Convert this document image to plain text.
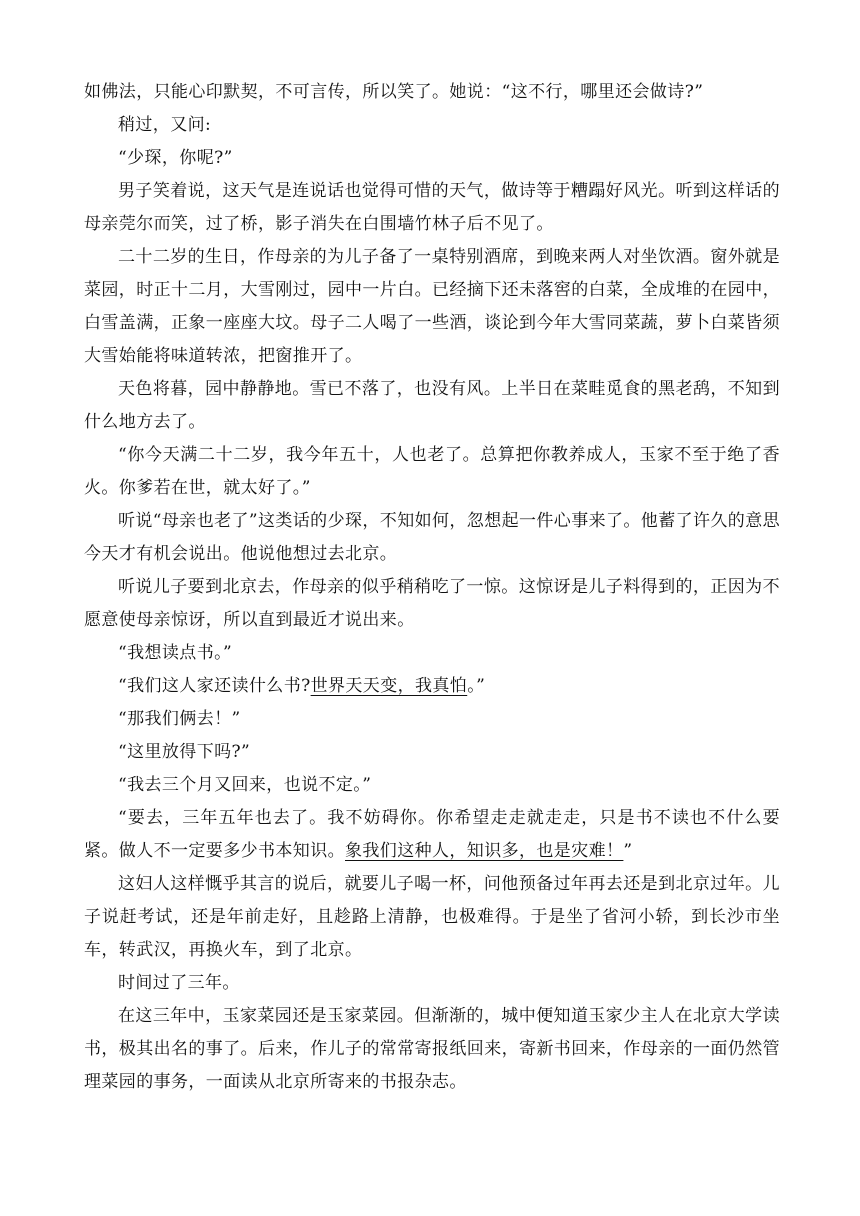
如佛法，只能心印默契，不可言传，所以笑了。她说：“这不行，哪里还会做诗?”

稍过，又问:

“少琛，你呢?”

男子笑着说，这天气是连说话也觉得可惜的天气，做诗等于糟蹋好风光。听到这样话的母亲莞尔而笑，过了桥，影子消失在白围墙竹林子后不见了。

二十二岁的生日，作母亲的为儿子备了一桌特别酒席，到晚来两人对坐饮酒。窗外就是菜园，时正十二月，大雪刚过，园中一片白。已经摘下还未落窖的白菜，全成堆的在园中，白雪盖满，正象一座座大坟。母子二人喝了一些酒，谈论到今年大雪同菜蔬，萝卜白菜皆须大雪始能将味道转浓，把窗推开了。

天色将暮，园中静静地。雪已不落了，也没有风。上半日在菜畦觅食的黑老鸹，不知到什么地方去了。

“你今天满二十二岁，我今年五十，人也老了。总算把你教养成人，玉家不至于绝了香火。你爹若在世，就太好了。”

听说“母亲也老了”这类话的少琛，不知如何，忽想起一件心事来了。他蓄了许久的意思今天才有机会说出。他说他想过去北京。

听说儿子要到北京去，作母亲的似乎稍稍吃了一惊。这惊讶是儿子料得到的，正因为不愿意使母亲惊讶，所以直到最近才说出来。

“我想读点书。”

“我们这人家还读什么书?世界天天变，我真怕。”

“那我们俩去！”

“这里放得下吗?”

“我去三个月又回来，也说不定。”

“要去，三年五年也去了。我不妨碍你。你希望走走就走走，只是书不读也不什么要紧。做人不一定要多少书本知识。象我们这种人，知识多，也是灾难！”

这妇人这样慨乎其言的说后，就要儿子喝一杯，问他预备过年再去还是到北京过年。儿子说赶考试，还是年前走好，且趁路上清静，也极难得。于是坐了省河小轿，到长沙市坐车，转武汉，再换火车，到了北京。

时间过了三年。

在这三年中，玉家菜园还是玉家菜园。但渐渐的，城中便知道玉家少主人在北京大学读书，极其出名的事了。后来，作儿子的常常寄报纸回来，寄新书回来，作母亲的一面仍然管理菜园的事务，一面读从北京所寄来的书报杂志。
